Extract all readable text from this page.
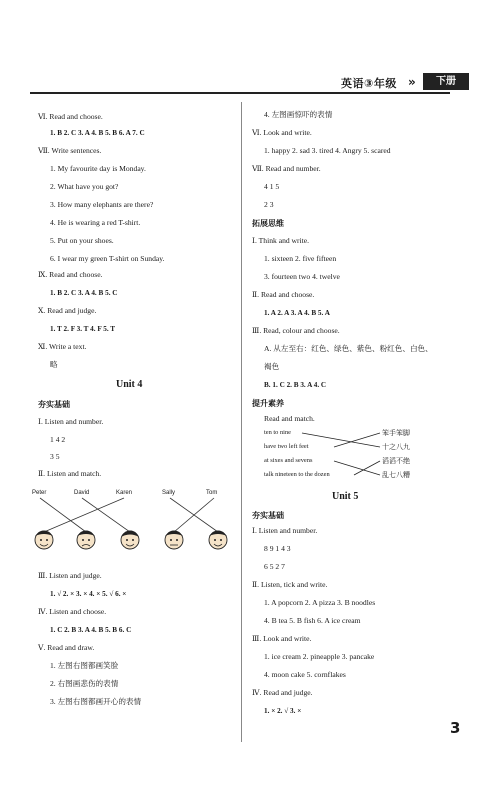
英语③年级 »	下册
Ⅵ. Read and choose.
1. B 2. C 3. A 4. B 5. B 6. A 7. C
Ⅶ. Write sentences.
1. My favourite day is Monday.
2. What have you got?
3. How many elephants are there?
4. He is wearing a red T-shirt.
5. Put on your shoes.
6. I wear my green T-shirt on Sunday.
Ⅸ. Read and choose.
1. B 2. C 3. A 4. B 5. C
Ⅹ. Read and judge.
1. T 2. F 3. T 4. F 5. T
Ⅺ. Write a text.
略
Unit 4
夯实基础
Ⅰ. Listen and number.
1 4 2
3 5
Ⅱ. Listen and match.
Peter	David	Karen	Sally	Tom
Ⅲ. Listen and judge.
1. √ 2. × 3. × 4. × 5. √ 6. ×
Ⅳ. Listen and choose.
1. C 2. B 3. A 4. B 5. B 6. C
Ⅴ. Read and draw.
1. 左图右图都画笑脸
2. 右图画悲伤的表情
3. 左图右图都画开心的表情
4. 左图画惊吓的表情
Ⅵ. Look and write.
1. happy 2. sad 3. tired 4. Angry 5. scared
Ⅶ. Read and number.
4 1 5
2 3
拓展思维
Ⅰ. Think and write.
1. sixteen 2. five fifteen
3. fourteen two 4. twelve
Ⅱ. Read and choose.
1. A 2. A 3. A 4. B 5. A
Ⅲ. Read, colour and choose.
A. 从左至右：红色、绿色、紫色、粉红色、白色、
褐色
B. 1. C 2. B 3. A 4. C
提升素养
Read and match.
ten to nine
have two left feet
at sixes and sevens
talk nineteen to the dozen
笨手笨脚
十之八九
滔滔不绝
乱七八糟
Unit 5
夯实基础
Ⅰ. Listen and number.
8 9 1 4 3
6 5 2 7
Ⅱ. Listen, tick and write.
1. A popcorn 2. A pizza 3. B noodles
4. B tea 5. B fish 6. A ice cream
Ⅲ. Look and write.
1. ice cream 2. pineapple 3. pancake
4. moon cake 5. cornflakes
Ⅳ. Read and judge.
1. × 2. √ 3. ×
3
